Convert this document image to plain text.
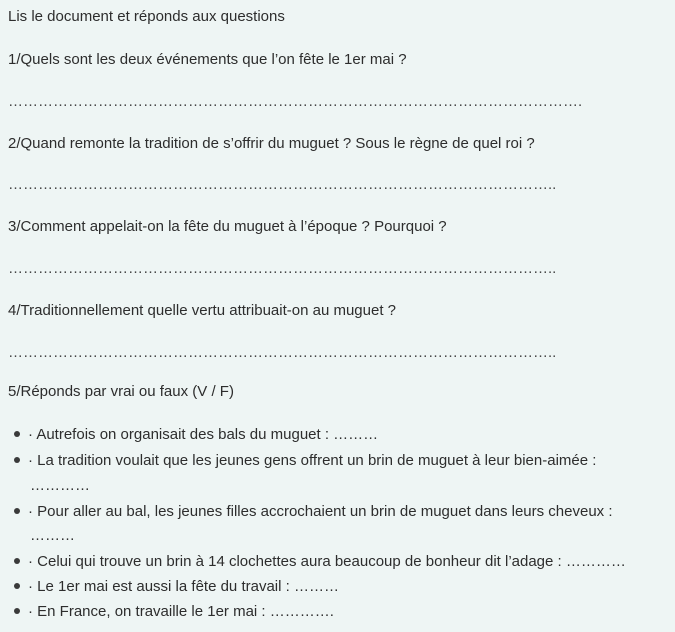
Lis le document et réponds aux questions
1/Quels sont les deux événements que l’on fête le 1er mai ?
…………………………………………………………………………………………………….
2/Quand remonte la tradition de s’offrir du muguet ? Sous le règne de quel roi ?
………………………………………………………………………………………………..
3/Comment appelait-on la fête du muguet à l’époque ? Pourquoi ?
………………………………………………………………………………………………..
4/Traditionnellement quelle vertu attribuait-on au muguet ?
………………………………………………………………………………………………..
5/Réponds par vrai ou faux (V / F)
· Autrefois on organisait des bals du muguet : ………
· La tradition voulait que les jeunes gens offrent un brin de muguet à leur bien-aimée :
…………
· Pour aller au bal, les jeunes filles accrochaient un brin de muguet dans leurs cheveux :
………
· Celui qui trouve un brin à 14 clochettes aura beaucoup de bonheur dit l’adage : …………
· Le 1er mai est aussi la fête du travail : ………
· En France, on travaille le 1er mai : ………….
